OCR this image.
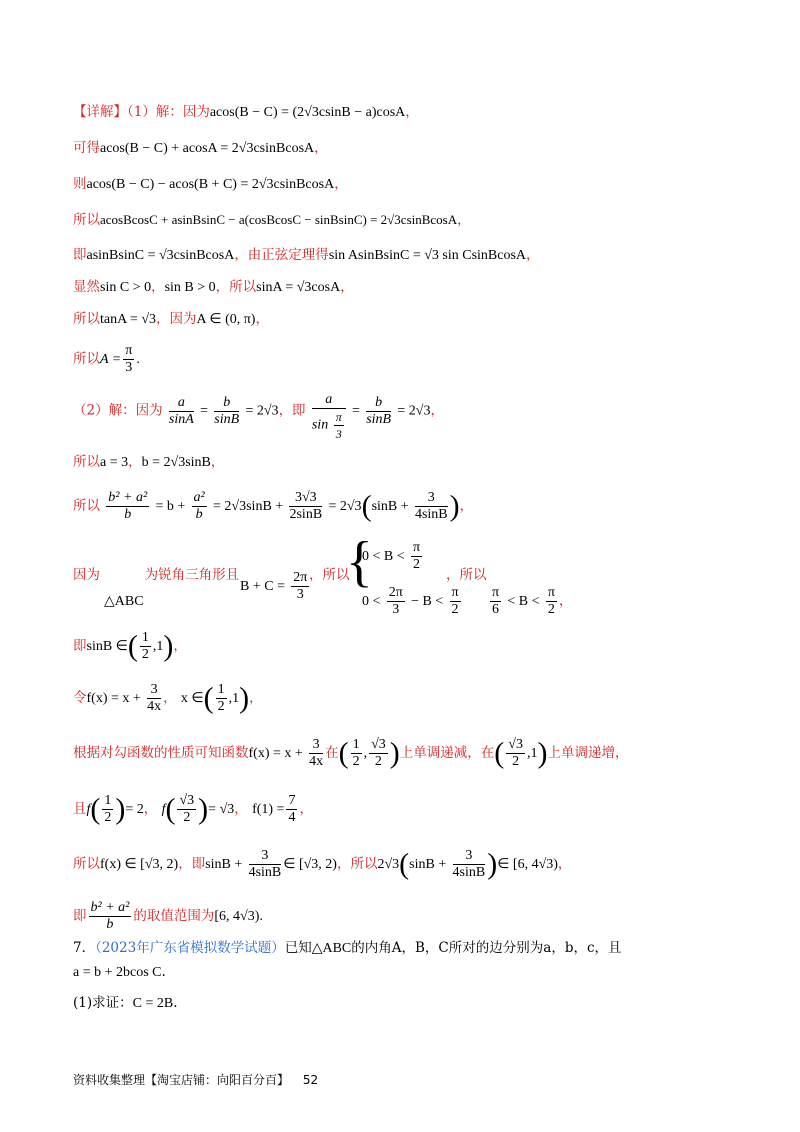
【详解】（1）解：因为acos(B − C) = (2√3csinB − a)cosA，
可得acos(B − C) + acosA = 2√3csinBcosA，
则acos(B − C) − acos(B + C) = 2√3csinBcosA，
所以acosBcosC + asinBsinC − a(cosBcosC − sinBsinC) = 2√3csinBcosA，
即asinBsinC = √3csinBcosA，由正弦定理得sin AsinBsinC = √3 sin CsinBcosA，
显然sin C > 0，sin B > 0，所以sinA = √3cosA，
所以tanA = √3，因为A ∈ (0, π)，
所以$A = \frac{\pi}{3}$ .
（2）解：因为 $\frac{a}{\sin A} = \frac{b}{\sin B} = 2√3$，即 $\frac{a}{\sin \frac{\pi}{3}} = \frac{b}{\sin B} = 2√3$，
所以a = 3，b = 2√3sinB，
所以 $\frac{\text{b² + a²}}{b} = b + \frac{\text{a²}}{b} = 2√3\sin B + \frac{3√3}{2\sin B} = 2√3(\sin B + \frac{3}{4\sin B}$ )，
因为	为锐角三角形且
△ABC
$B + C = \frac{2\pi}{3}$ ，所以
{
$0 < B < \frac{\pi}{2}$
$0 < \frac{2\pi}{3} - B < \frac{\pi}{2}$
，所以
$\frac{\pi}{6} < B < \frac{\pi}{2}$ ，
即sinB ∈( $\frac{1}{2} ,1$)，
令$f(x) = x + \frac{3}{4x}$ ， x ∈( $\frac{1}{2} ,1$)，
根据对勾函数的性质可知函数$f(x) = x + \frac{3}{4x}$ 在( $\frac{1}{2}$ , $\frac{√3}{2}$ )上单调递减，在( $\frac{√3}{2} ,1$)上单调递增，
且$f( \frac{1}{2}$ )= 2， $f( \frac{√3}{2}$ )= √3， $f(1) = \frac{7}{4}$ ，
所以f(x) ∈ [√3, 2)，即$\sin B + \frac{3}{4\sin B}$ ∈ [√3, 2)，所以$2√3(\sin B + \frac{3}{4\sin B}$ )∈ [6, 4√3)，
即 $\frac{\text{b² + a²}}{b}$ 的取值范围为[6, 4√3).
7．（2023年广东省模拟数学试题）已知△ABC的内角A，B，C所对的边分别为a，b，c，且
a = b + 2bcos C.
(1)求证：C = 2B.
资料收集整理【淘宝店铺：向阳百分百】 52
